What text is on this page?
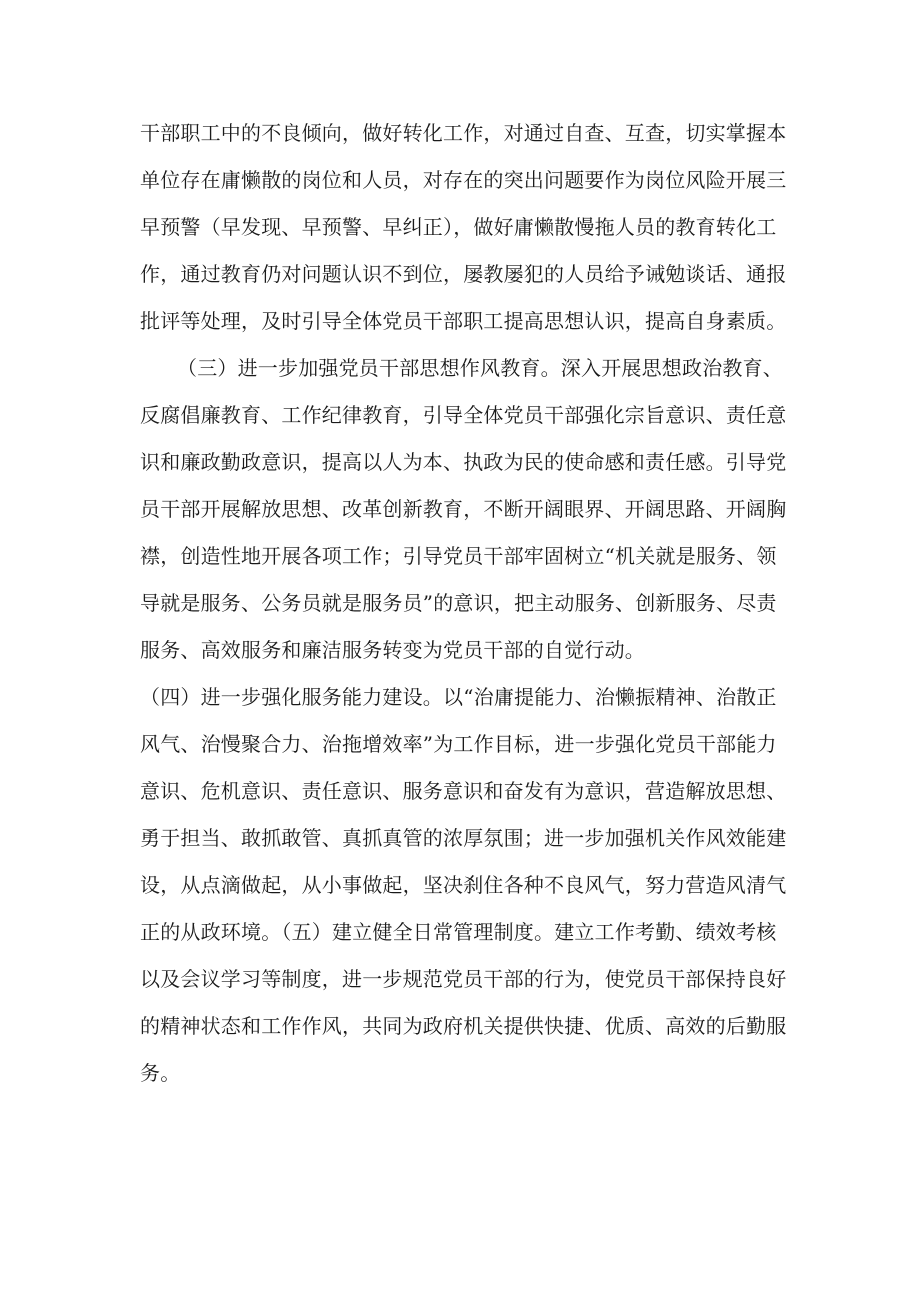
干部职工中的不良倾向，做好转化工作，对通过自查、互查，切实掌握本
单位存在庸懒散的岗位和人员，对存在的突出问题要作为岗位风险开展三
早预警（早发现、早预警、早纠正），做好庸懒散慢拖人员的教育转化工
作，通过教育仍对问题认识不到位，屡教屡犯的人员给予诫勉谈话、通报
批评等处理，及时引导全体党员干部职工提高思想认识，提高自身素质。
（三）进一步加强党员干部思想作风教育。深入开展思想政治教育、
反腐倡廉教育、工作纪律教育，引导全体党员干部强化宗旨意识、责任意
识和廉政勤政意识，提高以人为本、执政为民的使命感和责任感。引导党
员干部开展解放思想、改革创新教育，不断开阔眼界、开阔思路、开阔胸
襟，创造性地开展各项工作；引导党员干部牢固树立“机关就是服务、领
导就是服务、公务员就是服务员”的意识，把主动服务、创新服务、尽责
服务、高效服务和廉洁服务转变为党员干部的自觉行动。
（四）进一步强化服务能力建设。以“治庸提能力、治懒振精神、治散正
风气、治慢聚合力、治拖增效率”为工作目标，进一步强化党员干部能力
意识、危机意识、责任意识、服务意识和奋发有为意识，营造解放思想、
勇于担当、敢抓敢管、真抓真管的浓厚氛围；进一步加强机关作风效能建
设，从点滴做起，从小事做起，坚决刹住各种不良风气，努力营造风清气
正的从政环境。（五）建立健全日常管理制度。建立工作考勤、绩效考核
以及会议学习等制度，进一步规范党员干部的行为，使党员干部保持良好
的精神状态和工作作风，共同为政府机关提供快捷、优质、高效的后勤服
务。
